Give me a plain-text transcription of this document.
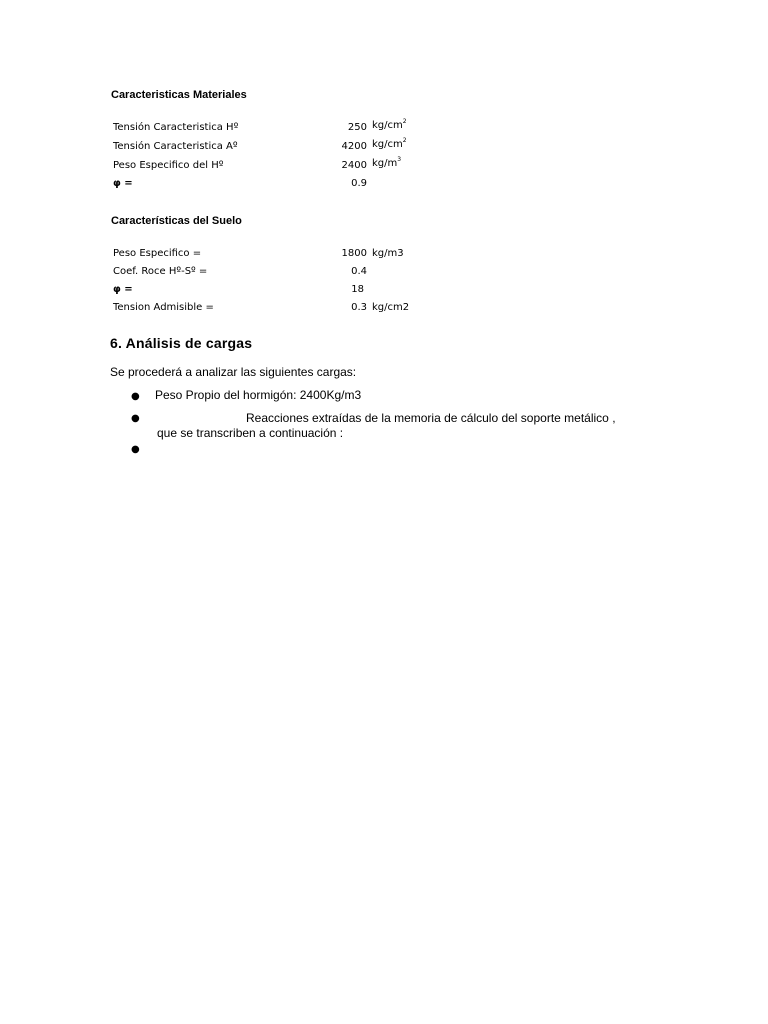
Caracteristicas Materiales
Tensión Caracteristica Hº	250 $kg/cm^2$
Tensión Caracteristica Aº	4200 $kg/cm^2$
Peso Especifico del Hº	2400 $kg/m^3$
φ =	0.9
Características del Suelo
Peso Especifico =	1800 kg/m3
Coef. Roce Hº-Sº =	0.4
φ =	18
Tension Admisible =	0.3 kg/cm2
6. Análisis de cargas
Se procederá a analizar las siguientes cargas:
● Peso Propio del hormigón: 2400Kg/m3
●	Reacciones extraídas de la memoria de cálculo del soporte metálico ,
que se transcriben a continuación :
●
